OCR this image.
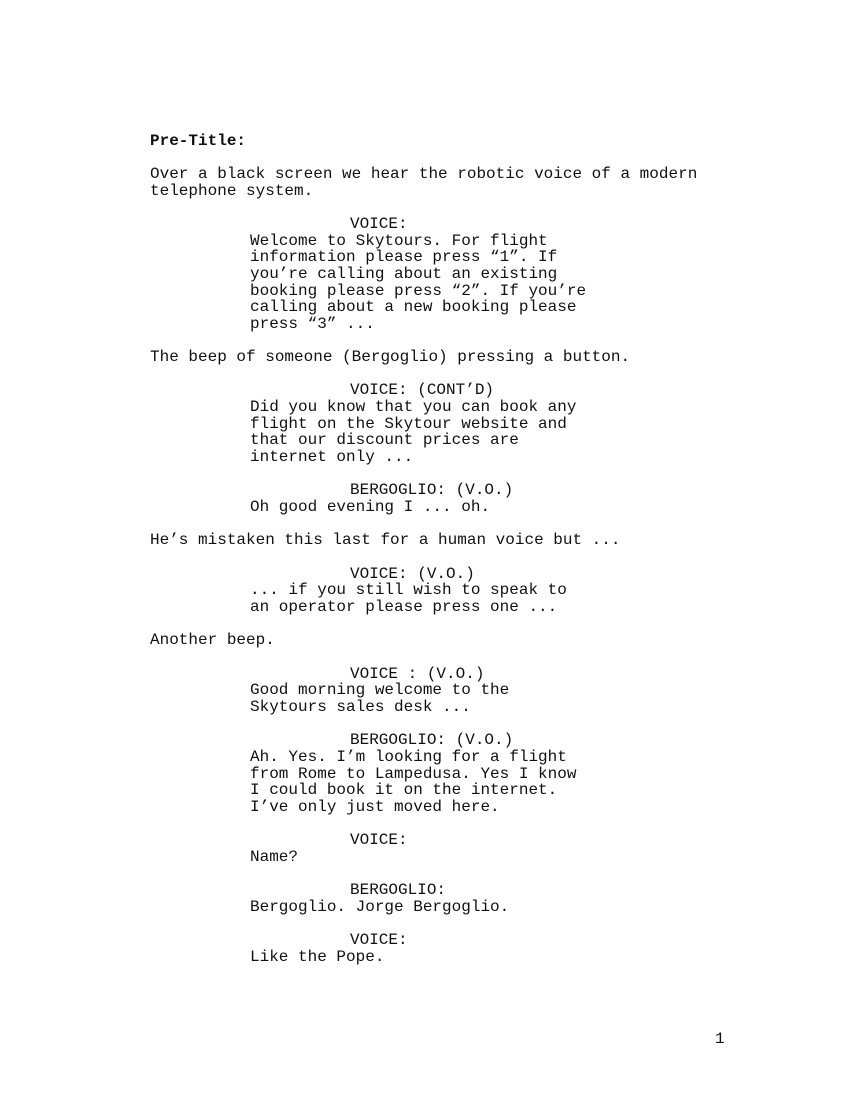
Pre-Title:
Over a black screen we hear the robotic voice of a modern
telephone system.
VOICE:
Welcome to Skytours. For flight
information please press “1”. If
you’re calling about an existing
booking please press “2”. If you’re
calling about a new booking please
press “3” ...
The beep of someone (Bergoglio) pressing a button.
VOICE: (CONT’D)
Did you know that you can book any
flight on the Skytour website and
that our discount prices are
internet only ...
BERGOGLIO: (V.O.)
Oh good evening I ... oh.
He’s mistaken this last for a human voice but ...
VOICE: (V.O.)
... if you still wish to speak to
an operator please press one ...
Another beep.
VOICE : (V.O.)
Good morning welcome to the
Skytours sales desk ...
BERGOGLIO: (V.O.)
Ah. Yes. I’m looking for a flight
from Rome to Lampedusa. Yes I know
I could book it on the internet.
I’ve only just moved here.
VOICE:
Name?
BERGOGLIO:
Bergoglio. Jorge Bergoglio.
VOICE:
Like the Pope.
1
